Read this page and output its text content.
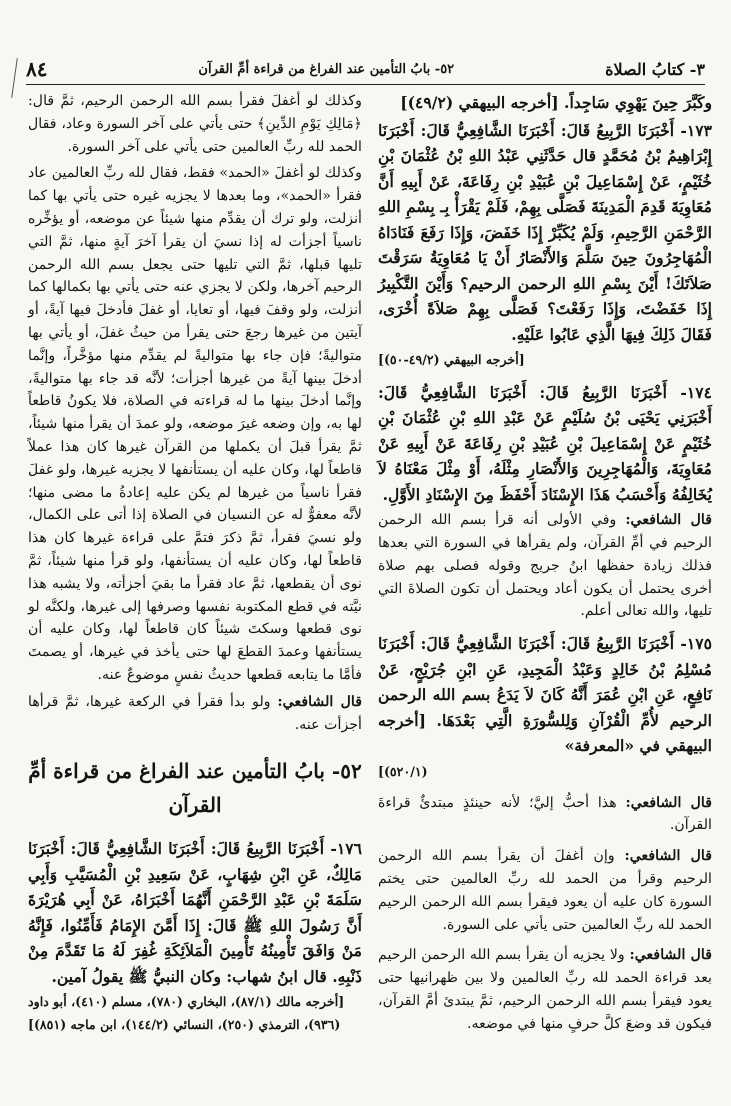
٣- كتابُ الصلاة
٥٢- بابُ التأمين عند الفراغ من قراءة أمِّ القرآن
٨٤

وكَبَّرَ حِينَ يَهْوِي سَاجِداً. [أخرجه البيهقي (٤٩/٢)]

١٧٣- أَخْبَرَنَا الرَّبِيعُ قَالَ: أَخْبَرَنَا الشَّافِعِيُّ قَالَ: أَخْبَرَنَا إِبْرَاهِيمُ بْنُ مُحَمَّدٍ قال حَدَّثَنِي عَبْدُ اللهِ بْنُ عُثْمَانَ بْنِ خُثَيْمٍ، عَنْ إِسْمَاعِيلَ بْنِ عُبَيْدِ بْنِ رِفَاعَةَ، عَنْ أَبِيهِ أَنَّ مُعَاوِيَةَ قَدِمَ الْمَدِينَةَ فَصَلَّى بِهِمْ، فَلَمْ يَقْرَأْ بِـ بِسْمِ اللهِ الرَّحْمَنِ الرَّحِيمِ، وَلَمْ يُكَبِّرْ إِذَا خَفَضَ، وَإِذَا رَفَعَ فَنَادَاهُ الْمُهَاجِرُونَ حِينَ سَلَّمَ وَالأَنْصَارُ أَنْ يَا مُعَاوِيَةُ سَرَقْتَ صَلاَتَكَ! أَيْنَ بِسْمِ اللهِ الرحمن الرحيم؟ وَأَيْنَ التَّكْبِيرُ إِذَا خَفَضْتَ، وَإِذَا رَفَعْتَ؟ فَصَلَّى بِهِمْ صَلاَةً أُخْرَى، فَقَالَ ذَلِكَ فِيهَا الَّذِي عَابُوا عَلَيْهِ.

[أخرجه البيهقي (٤٩/٢-٥٠)]

١٧٤- أَخْبَرَنَا الرَّبِيعُ قَالَ: أَخْبَرَنَا الشَّافِعِيُّ قَالَ: أَخْبَرَنِي يَحْيَى بْنُ سُلَيْمٍ عَنْ عَبْدِ اللهِ بْنِ عُثْمَانَ بْنِ خُثَيْمٍ عَنْ إِسْمَاعِيلَ بْنِ عُبَيْدِ بْنِ رِفَاعَةَ عَنْ أَبِيهِ عَنْ مُعَاوِيَةَ، وَالْمُهَاجِرِينَ وَالأَنْصَارِ مِثْلَهُ، أَوْ مِثْلَ مَعْنَاهُ لاَ يُخَالِفُهُ وَأَحْسَبُ هَذَا الإِسْنَادَ أَحْفَظَ مِنَ الإِسْنَادِ الأَوَّلِ.

قال الشافعي: وفي الأولى أنه قرأ بسم الله الرحمن الرحيم في أمِّ القرآن، ولم يقرأها في السورة التي بعدها فذلك زيادة حفظها ابنُ جريج وقوله فصلى بهم صلاة أخرى يحتمل أن يكون أعاد ويحتمل أن تكون الصلاةَ التي تليها، والله تعالى أعلم.

١٧٥- أَخْبَرَنَا الرَّبِيعُ قَالَ: أَخْبَرَنَا الشَّافِعِيُّ قَالَ: أَخْبَرَنَا مُسْلِمُ بْنُ خَالِدٍ وَعَبْدُ الْمَجِيدِ، عَنِ ابْنِ جُرَيْجٍ، عَنْ نَافِعٍ، عَنِ ابْنِ عُمَرَ أَنَّهُ كَانَ لاَ يَدَعُ بسم الله الرحمن الرحيم لأُمِّ الْقُرْآنِ وَلِلسُّورَةِ الَّتِي بَعْدَهَا. [أخرجه البيهقي في «المعرفة»

(٥٢٠/١)]

قال الشافعي: هذا أحبُّ إليَّ؛ لأنه حينئذٍ مبتدئٌ قراءةَ القرآن.

قال الشافعي: وإن أغفلَ أن يقرأ بسم الله الرحمن الرحيم وقرأ من الحمد لله ربِّ العالمين حتى يختم السورة كان عليه أن يعود فيقرأ بسم الله الرحمن الرحيم الحمد لله ربِّ العالمين حتى يأتي على السورة.

قال الشافعي: ولا يجزيه أن يقرأ بسم الله الرحمن الرحيم بعد قراءة الحمد لله ربِّ العالمين ولا بين ظهرانيها حتى يعود فيقرأ بسم الله الرحمن الرحيم، ثمَّ يبتدئ أمَّ القرآن، فيكون قد وضعَ كلَّ حرفٍ منها في موضعه.

وكذلك لو أغفلَ فقرأ بسم الله الرحمن الرحيم، ثمَّ قال: ﴿مَالِكِ يَوْمِ الدِّينِ﴾ حتى يأتي على آخر السورة وعاد، فقال الحمد لله ربِّ العالمين حتى يأتي على آخر السورة.

وكذلك لو أغفلَ «الحمد» فقط، فقال لله ربِّ العالمين عاد فقرأ «الحمد»، وما بعدها لا يجزيه غيره حتى يأتي بها كما أنزلت، ولو ترك أن يقدِّم منها شيئاً عن موضعه، أو يؤخِّره ناسياً أجزأت له إذا نسيَ أن يقرأ آخرَ آيةٍ منها، ثمَّ التي تليها قبلها، ثمَّ التي تليها حتى يجعل بسم الله الرحمن الرحيم آخرها، ولكن لا يجزي عنه حتى يأتي بها بكمالها كما أنزلت، ولو وقفَ فيها، أو تعايا، أو غفلَ فأدخلَ فيها آيةً، أو آيتين من غيرها رجعَ حتى يقرأ من حيثُ غفلَ، أو يأتي بها متواليةً؛ فإن جاء بها متواليةً لم يقدِّم منها مؤخَّراً، وإنَّما أدخلَ بينها آيةً من غيرها أجزأت؛ لأنَّه قد جاء بها متواليةً، وإنَّما أدخلَ بينها ما له قراءته في الصلاة، فلا يكونُ قاطعاً لها به، وإن وضعه غيرَ موضعه، ولو عمدَ أن يقرأ منها شيئاً، ثمَّ يقرأ قبلَ أن يكملها من القرآن غيرها كان هذا عملاً قاطعاً لها، وكان عليه أن يستأنفها لا يجزيه غيرها، ولو غفلَ فقرأ ناسياً من غيرها لم يكن عليه إعادةُ ما مضى منها؛ لأنَّه معفوٌّ له عن النسيان في الصلاة إذا أتى على الكمال، ولو نسيَ فقرأ، ثمَّ ذكرَ فتمَّ على قراءة غيرها كان هذا قاطعاً لها، وكان عليه أن يستأنفها، ولو قرأ منها شيئاً، ثمَّ نوى أن يقطعها، ثمَّ عاد فقرأ ما بقيَ أجزأته، ولا يشبه هذا نيَّته في قطع المكتوبة نفسها وصرفها إلى غيرها، ولكنَّه لو نوى قطعها وسكتَ شيئاً كان قاطعاً لها، وكان عليه أن يستأنفها وعمدَ القطعَ لها حتى يأخذ في غيرها، أو يصمتَ فأمَّا ما يتابعه قطعها حديثُ نفسٍ موضوعٌ عنه.

قال الشافعي: ولو بدأ فقرأ في الركعة غيرها، ثمَّ قرأها أجزأت عنه.

٥٢- بابُ التأمين عند الفراغ من قراءة أمِّ القرآن

١٧٦- أَخْبَرَنَا الرَّبِيعُ قَالَ: أَخْبَرَنَا الشَّافِعِيُّ قَالَ: أَخْبَرَنَا مَالِكٌ، عَنِ ابْنِ شِهَابٍ، عَنْ سَعِيدِ بْنِ الْمُسَيَّبِ وَأَبِي سَلَمَةَ بْنِ عَبْدِ الرَّحْمَنِ أَنَّهُمَا أَخْبَرَاهُ، عَنْ أَبِي هُرَيْرَةَ أَنَّ رَسُولَ اللهِ ﷺ قَالَ: إِذَا أَمَّنَ الإِمَامُ فَأَمِّنُوا، فَإِنَّهُ مَنْ وَافَقَ تَأْمِينُهُ تَأْمِينَ الْمَلاَئِكَةِ غُفِرَ لَهُ مَا تَقَدَّمَ مِنْ ذَنْبِهِ. قال ابنُ شهاب: وكان النبيُّ ﷺ يقولُ آمين.

[أخرجه مالك (٨٧/١)، البخاري (٧٨٠)، مسلم (٤١٠)، أبو داود (٩٣٦)، الترمذي (٢٥٠)، النسائي (١٤٤/٢)، ابن ماجه (٨٥١)]
